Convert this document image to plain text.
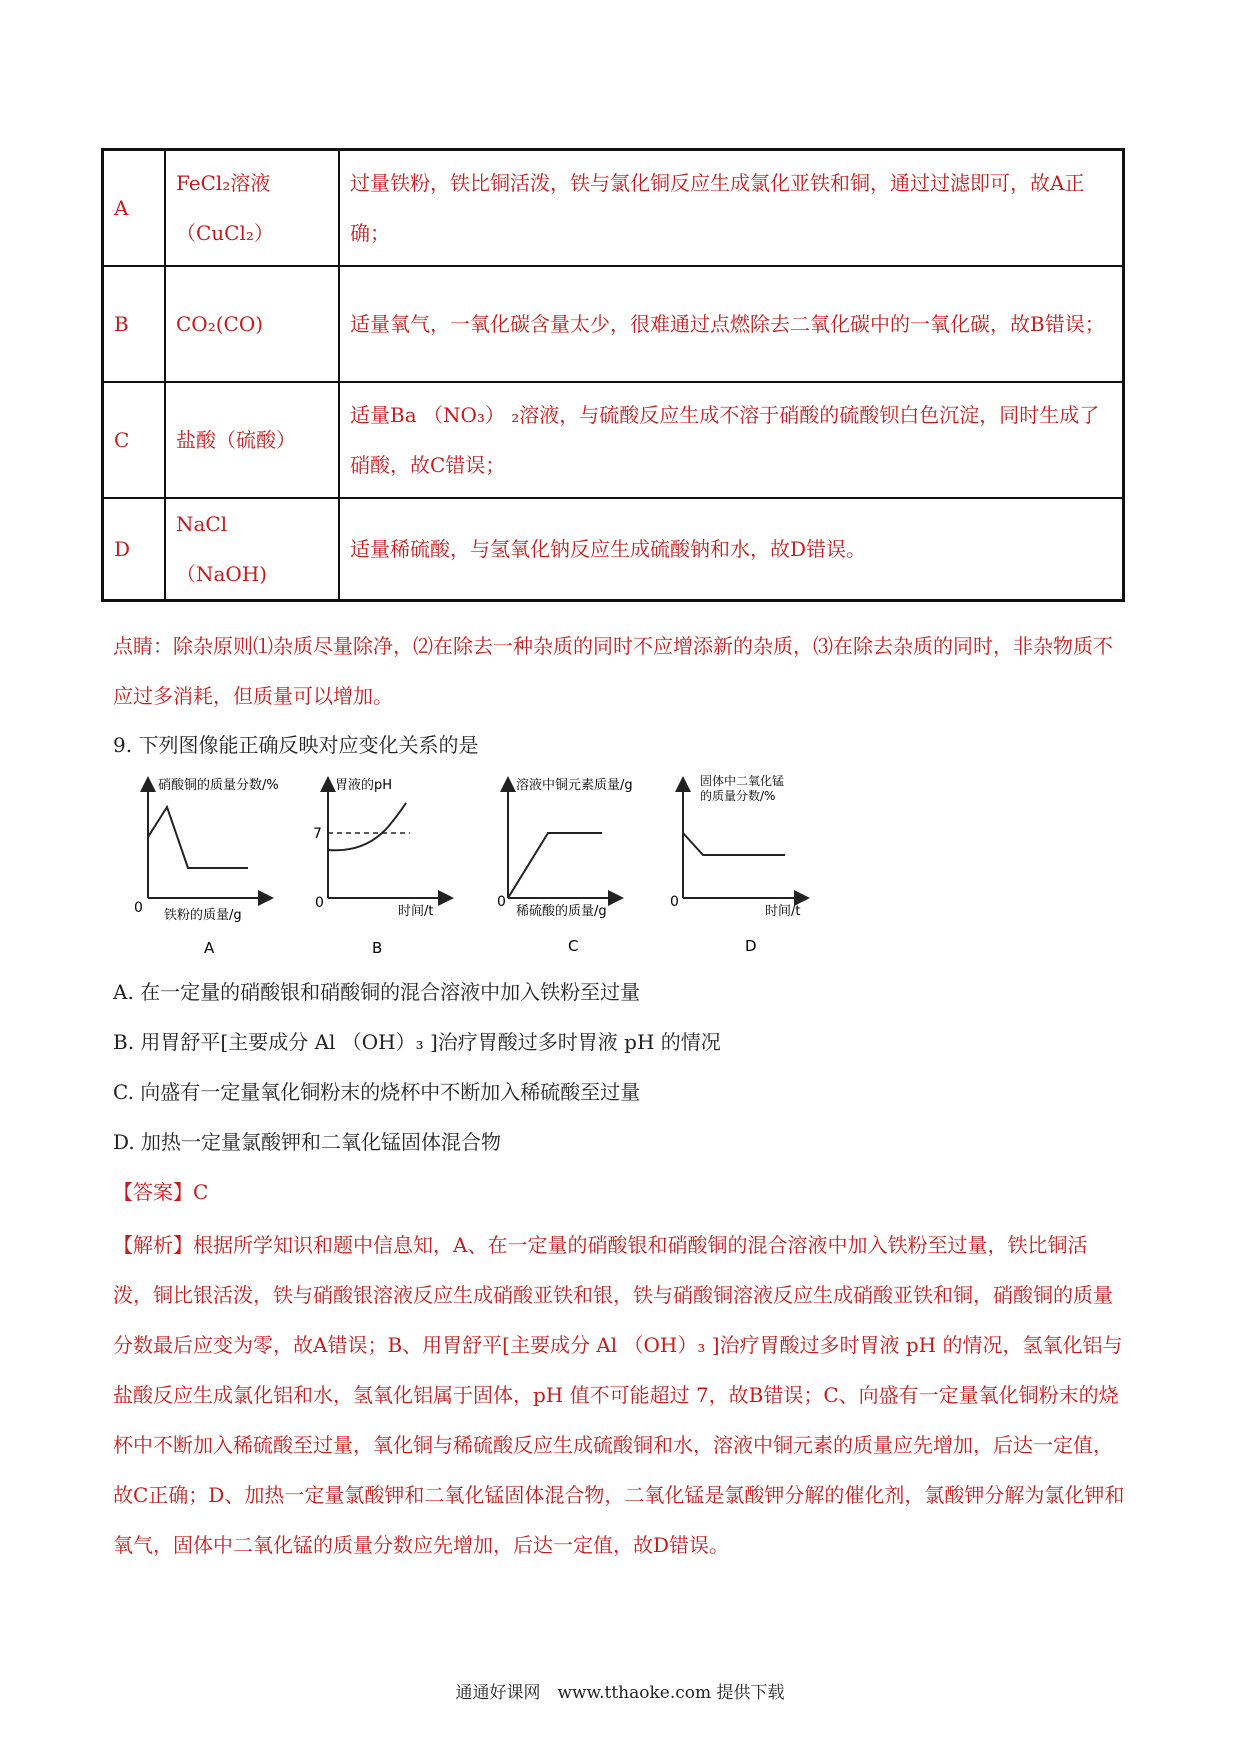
A	FeCl₂溶液（CuCl₂）	过量铁粉，铁比铜活泼，铁与氯化铜反应生成氯化亚铁和铜，通过过滤即可，故A正确；
B	CO₂(CO)	适量氧气，一氧化碳含量太少，很难通过点燃除去二氧化碳中的一氧化碳，故B错误；
C	盐酸（硫酸）	适量Ba （NO₃） ₂溶液，与硫酸反应生成不溶于硝酸的硫酸钡白色沉淀，同时生成了硝酸，故C错误；
D	NaCl　（NaOH)	适量稀硫酸，与氢氧化钠反应生成硫酸钠和水，故D错误。
点睛：除杂原则⑴杂质尽量除净，⑵在除去一种杂质的同时不应增添新的杂质，⑶在除去杂质的同时，非杂物质不应过多消耗，但质量可以增加。
9. 下列图像能正确反映对应变化关系的是
硝酸铜的质量分数/%
0 铁粉的质量/g
A
胃液的pH
7
0
时间/t
B
溶液中铜元素质量/g
0
稀硫酸的质量/g
C
固体中二氧化锰
的质量分数/%
0
时间/t
D
A. 在一定量的硝酸银和硝酸铜的混合溶液中加入铁粉至过量
B. 用胃舒平[主要成分 Al （OH）₃ ]治疗胃酸过多时胃液 pH 的情况
C. 向盛有一定量氧化铜粉末的烧杯中不断加入稀硫酸至过量
D. 加热一定量氯酸钾和二氧化锰固体混合物
【答案】C
【解析】根据所学知识和题中信息知，A、在一定量的硝酸银和硝酸铜的混合溶液中加入铁粉至过量，铁比铜活泼，铜比银活泼，铁与硝酸银溶液反应生成硝酸亚铁和银，铁与硝酸铜溶液反应生成硝酸亚铁和铜，硝酸铜的质量分数最后应变为零，故A错误；B、用胃舒平[主要成分 Al （OH）₃ ]治疗胃酸过多时胃液 pH 的情况，氢氧化铝与盐酸反应生成氯化铝和水，氢氧化铝属于固体，pH 值不可能超过 7，故B错误；C、向盛有一定量氧化铜粉末的烧杯中不断加入稀硫酸至过量，氧化铜与稀硫酸反应生成硫酸铜和水，溶液中铜元素的质量应先增加，后达一定值，故C正确；D、加热一定量氯酸钾和二氧化锰固体混合物，二氧化锰是氯酸钾分解的催化剂，氯酸钾分解为氯化钾和氧气，固体中二氧化锰的质量分数应先增加，后达一定值，故D错误。
通通好课网　www.tthaoke.com 提供下载
